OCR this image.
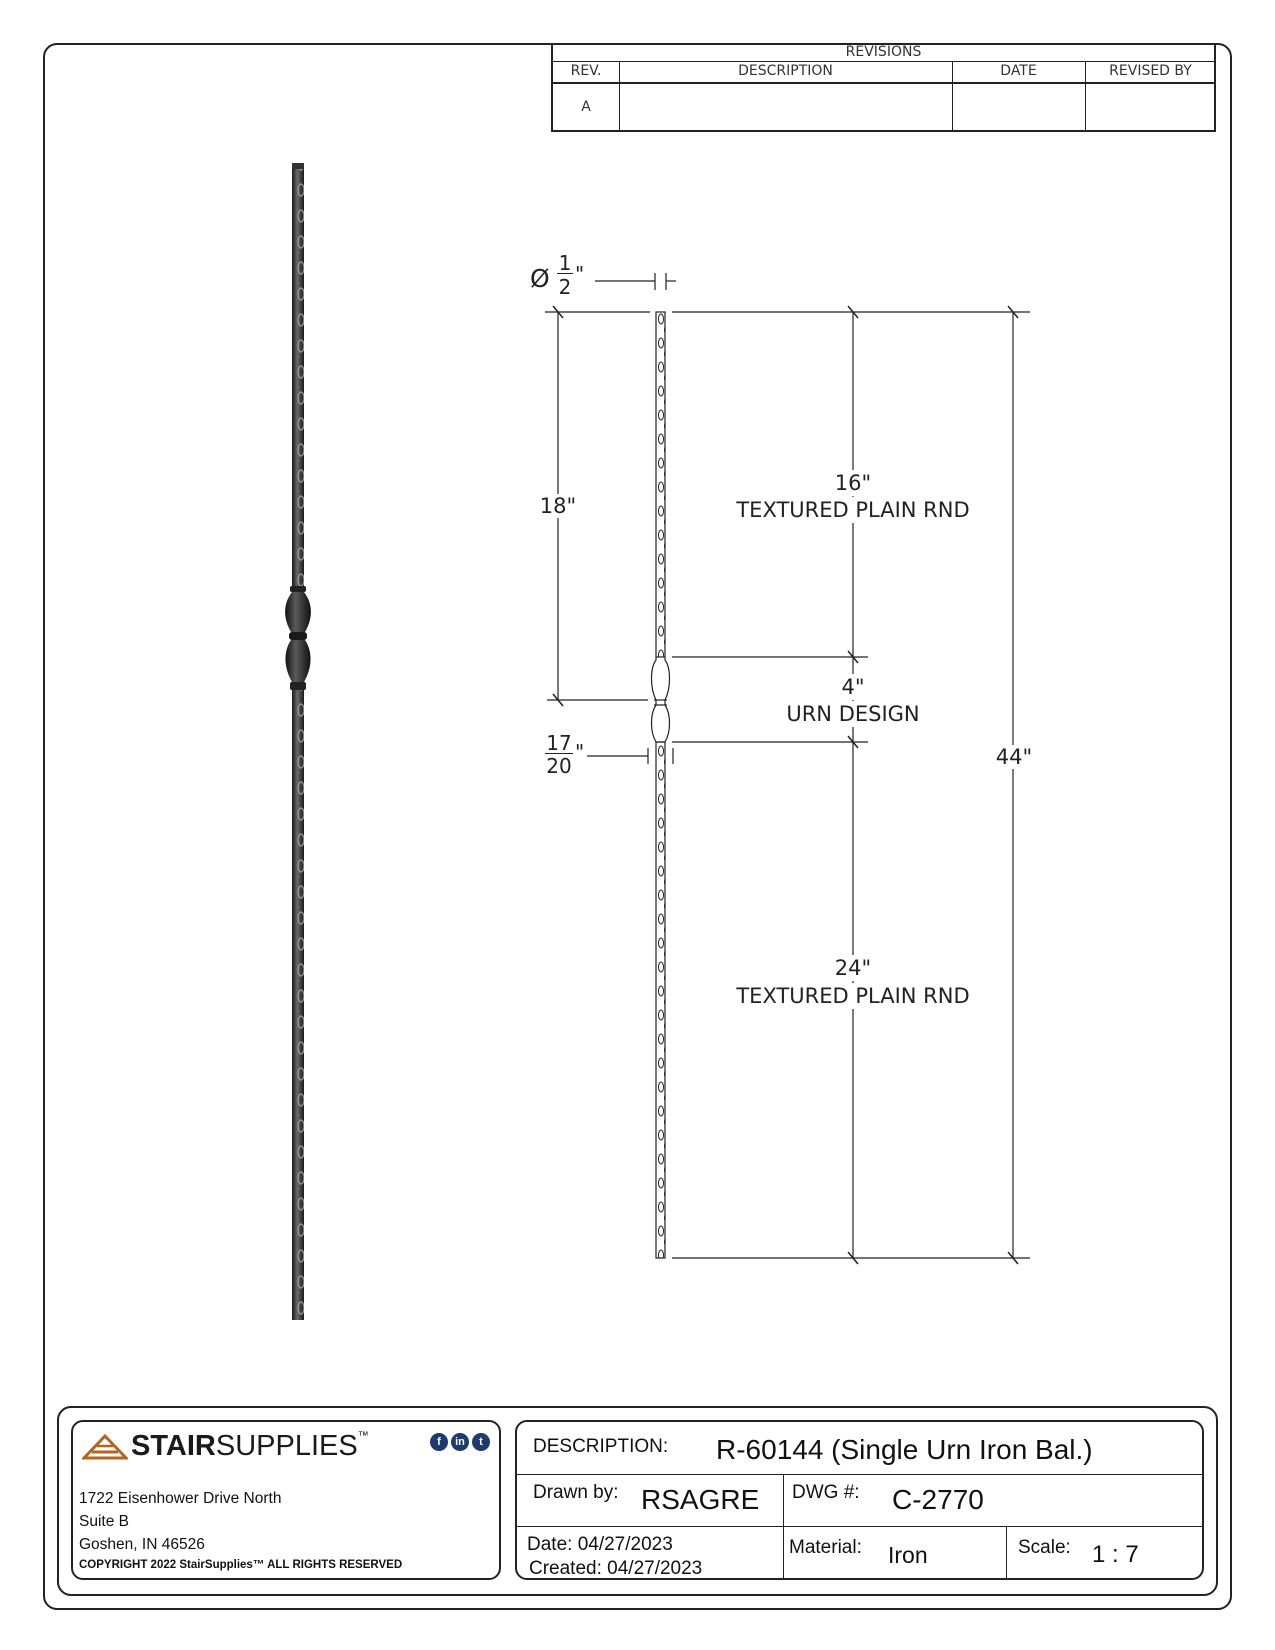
REVISIONS
REV.	DESCRIPTION	DATE	REVISED BY
A
Ø
1
2
"
18"
16"
TEXTURED PLAIN RND
4"
URN DESIGN
17
20
"
24"
TEXTURED PLAIN RND
44"
STAIRSUPPLIES™	f	in	t
1722 Eisenhower Drive North
Suite B
Goshen, IN 46526
COPYRIGHT 2022 StairSupplies™ ALL RIGHTS RESERVED
DESCRIPTION: R-60144 (Single Urn Iron Bal.)
Drawn by: RSAGRE DWG #: C-2770
Date: 04/27/2023
Created: 04/27/2023
Material: Iron	Scale: 1 : 7
